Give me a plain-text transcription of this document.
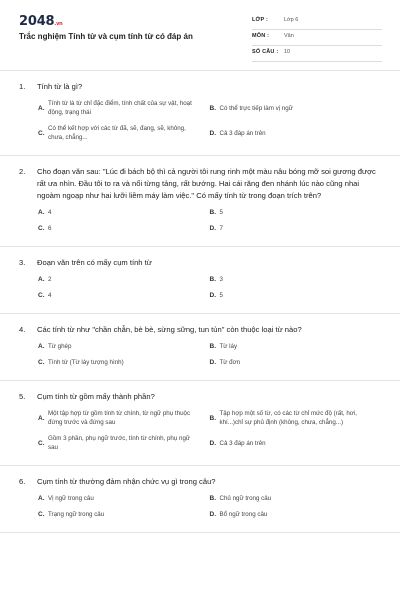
2048.vn
Trắc nghiệm Tính từ và cụm tính từ có đáp án
LỚP :	Lớp 6
MÔN :	Văn
SỐ CÂU : 10
1.	Tính từ là gì?
A.
Tính từ là từ chỉ đặc điểm, tính chất của sự vật, hoạt động, trạng thái
B. Có thể trực tiếp làm vị ngữ
C.
Có thể kết hợp với các từ đã, sẽ, đang, sẽ, không, chưa, chẳng...
D. Cả 3 đáp án trên
2.	Cho đoạn văn sau: "Lúc đi bách bộ thì cả người tôi rung rinh một màu nâu bóng mỡ soi gương được rất ưa nhìn. Đầu tôi to ra và nổi từng tảng, rất bướng. Hai cái răng đen nhánh lúc nào cũng nhai ngoàm ngoạp như hai lưỡi liềm máy làm việc." Có mấy tính từ trong đoạn trích trên?
A. 4	B. 5
C. 6	D. 7
3.	Đoạn văn trên có mấy cụm tính từ
A. 2	B. 3
C. 4	D. 5
4.	Các tính từ như "chần chẫn, bè bè, sừng sững, tun tủn" còn thuộc loại từ nào?
A. Từ ghép	B. Từ láy
C. Tính từ (Từ láy tượng hình)	D. Từ đơn
5.	Cụm tính từ gồm mấy thành phần?
A.
Một tập hợp từ gồm tính từ chính, từ ngữ phụ thuộc đứng trước và đứng sau
B.
Tập hợp một số từ, có các từ chỉ mức độ (rất, hơi, khí...)chỉ sự phủ định (không, chưa, chẳng...)
C.
Gồm 3 phần, phụ ngữ trước, tính từ chính, phụ ngữ sau
D. Cả 3 đáp án trên
6.	Cụm tính từ thường đảm nhận chức vụ gì trong câu?
A. Vị ngữ trong câu	B. Chủ ngữ trong câu
C. Trạng ngữ trong câu	D. Bổ ngữ trong câu
